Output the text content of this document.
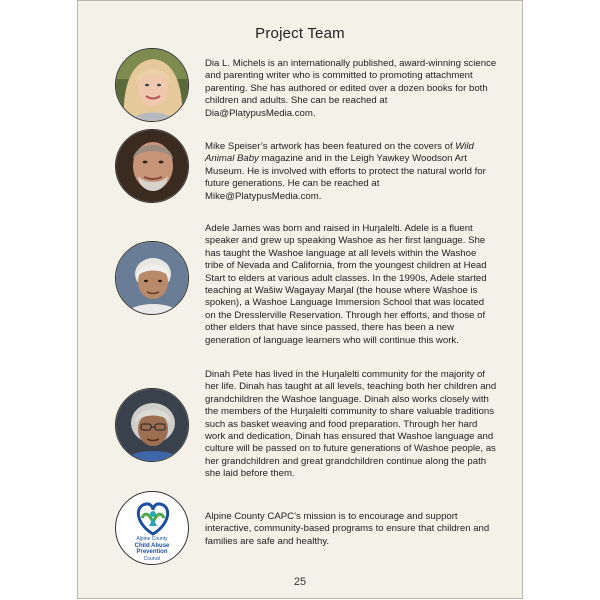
Project Team
Dia L. Michels is an internationally published, award-winning science and parenting writer who is committed to promoting attachment parenting. She has authored or edited over a dozen books for both children and adults. She can be reached at Dia@PlatypusMedia.com.
Mike Speiser’s artwork has been featured on the covers of Wild Animal Baby magazine and in the Leigh Yawkey Woodson Art Museum. He is involved with efforts to protect the natural world for future generations. He can be reached at Mike@PlatypusMedia.com.
Adele James was born and raised in Huŋalelti. Adele is a fluent speaker and grew up speaking Washoe as her first language. She has taught the Washoe language at all levels within the Washoe tribe of Nevada and California, from the youngest children at Head Start to elders at various adult classes. In the 1990s, Adele started teaching at Wašiw Wagayay Maŋal (the house where Washoe is spoken), a Washoe Language Immersion School that was located on the Dresslerville Reservation. Through her efforts, and those of other elders that have since passed, there has been a new generation of language learners who will continue this work.
Dinah Pete has lived in the Huŋalelti community for the majority of her life. Dinah has taught at all levels, teaching both her children and grandchildren the Washoe language. Dinah also works closely with the members of the Huŋalelti community to share valuable traditions such as basket weaving and food preparation. Through her hard work and dedication, Dinah has ensured that Washoe language and culture will be passed on to future generations of Washoe people, as her grandchildren and great grandchildren continue along the path she laid before them.
Alpine County
Child Abuse
Prevention
Council
Alpine County CAPC’s mission is to encourage and support interactive, community-based programs to ensure that children and families are safe and healthy.
25
